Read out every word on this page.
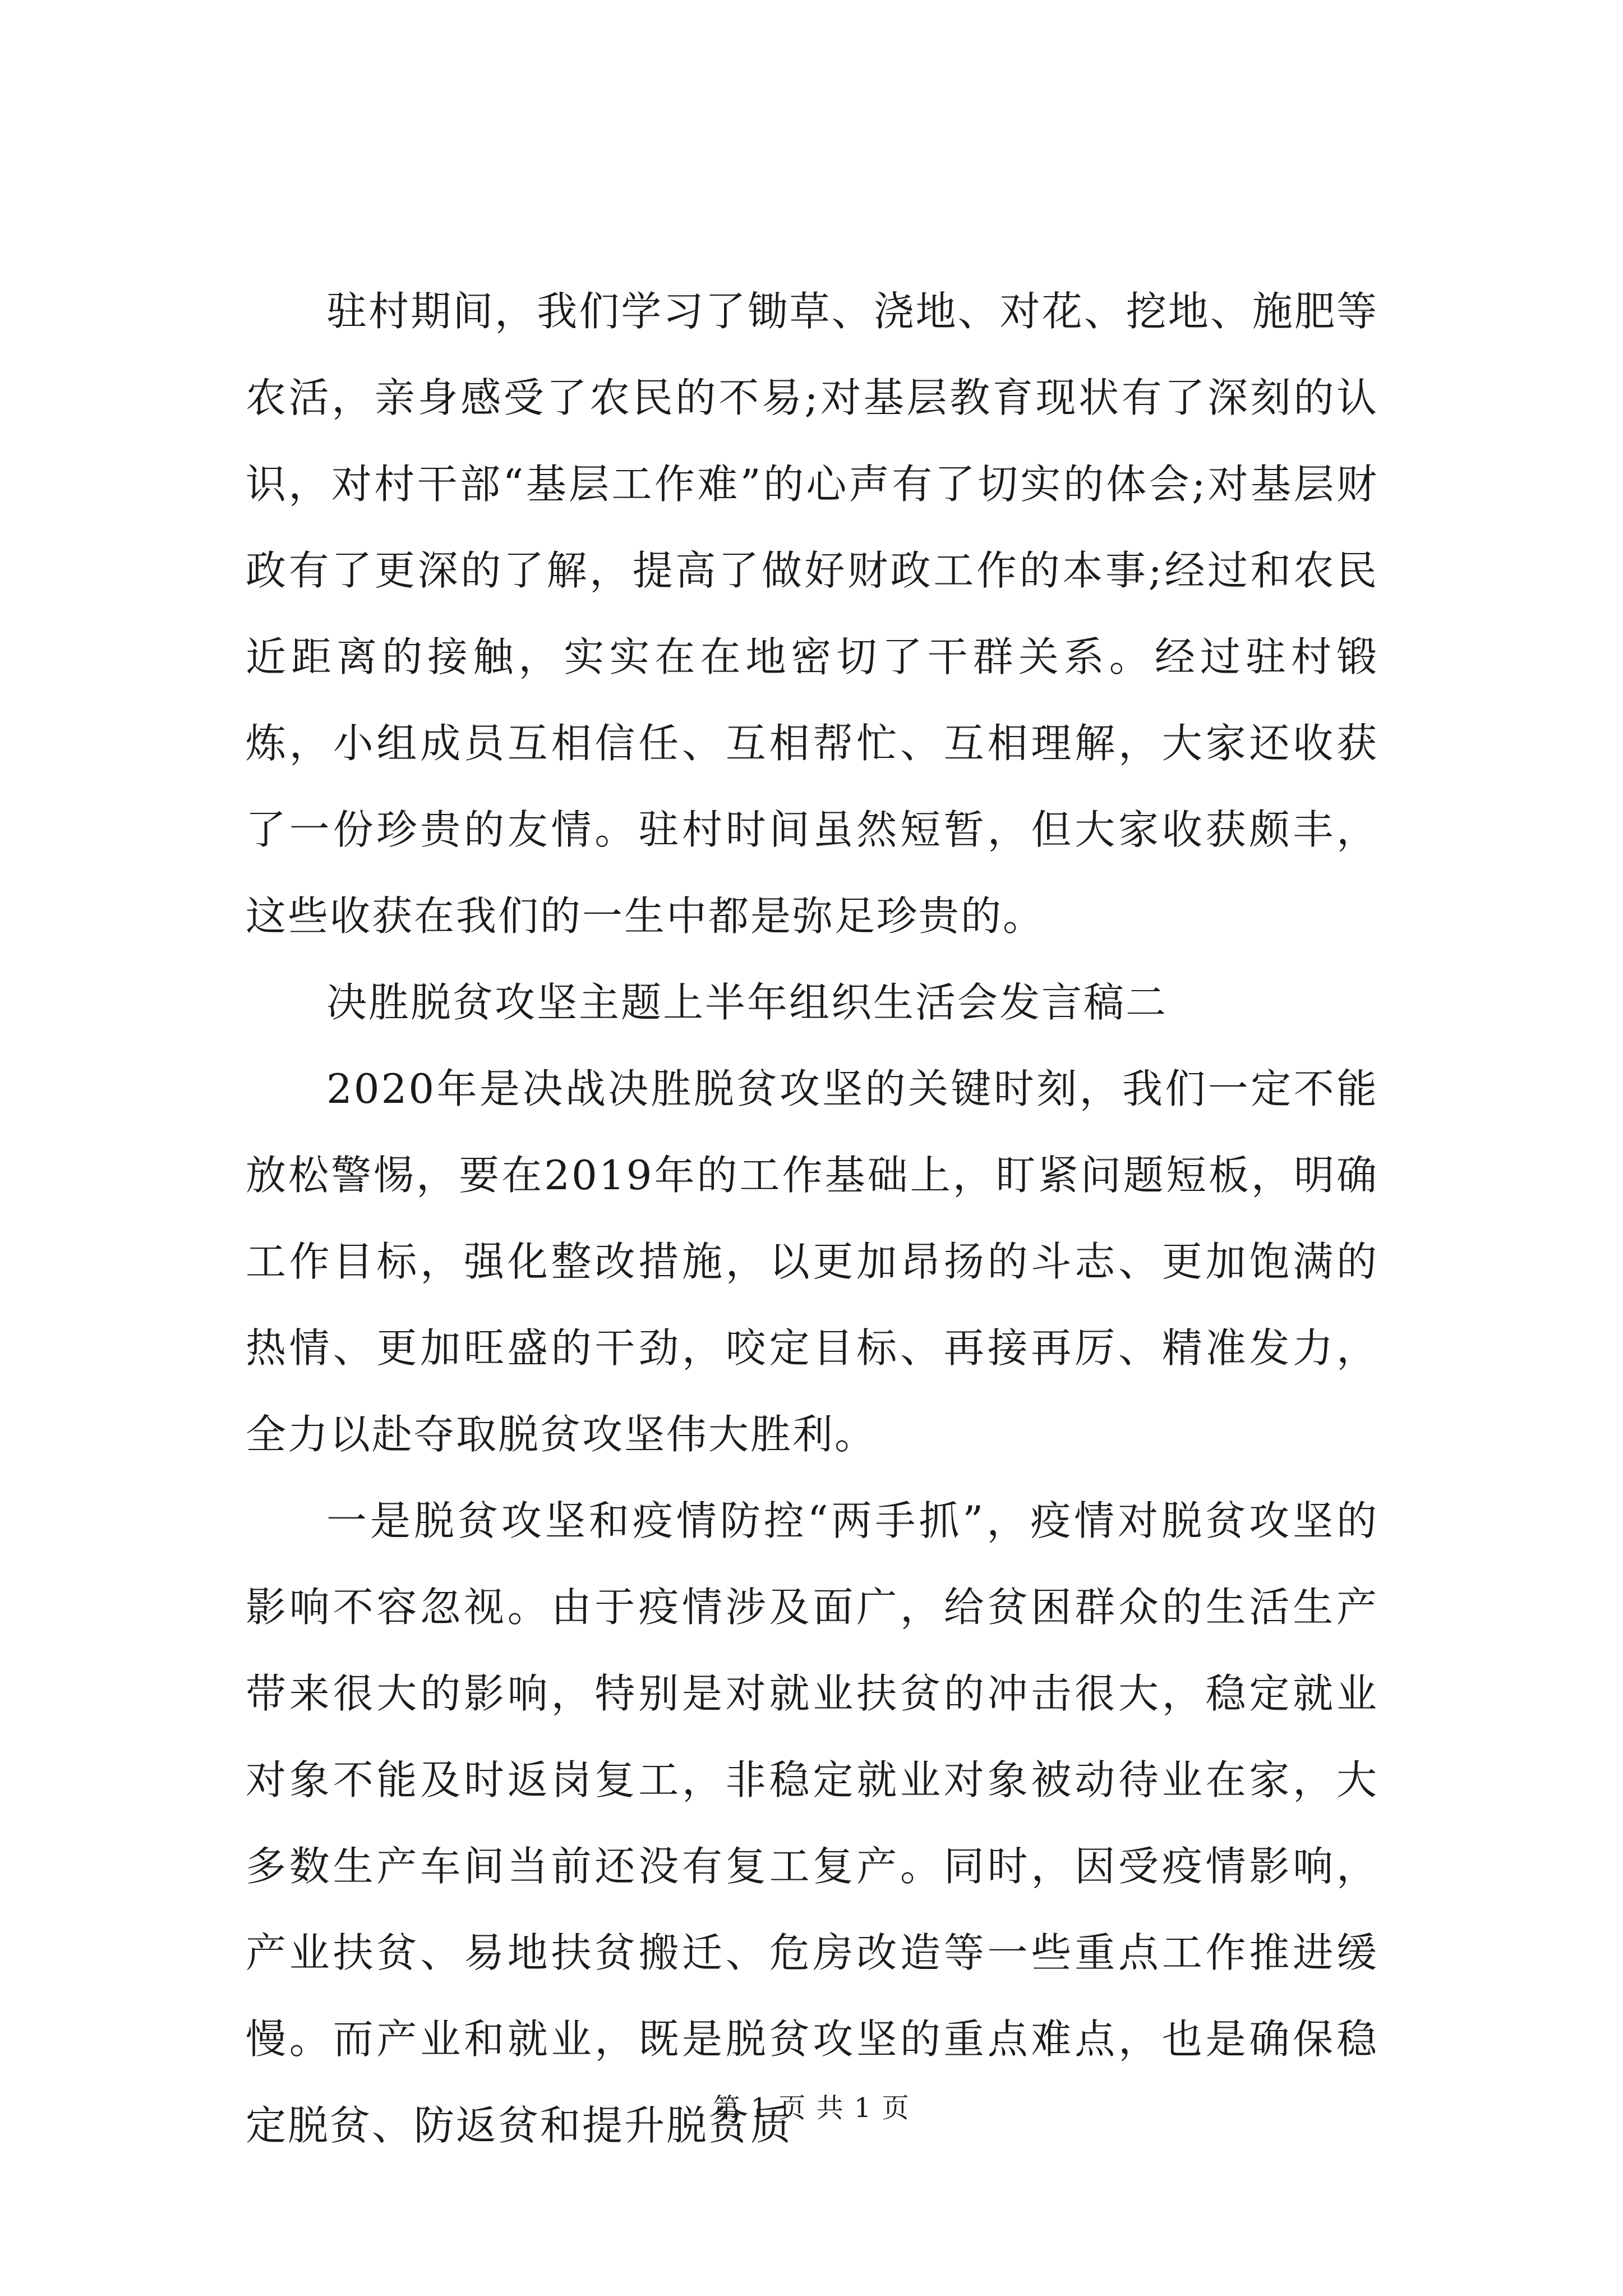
驻村期间，我们学习了锄草、浇地、对花、挖地、施肥等农活，亲身感受了农民的不易;对基层教育现状有了深刻的认识，对村干部“基层工作难”的心声有了切实的体会;对基层财政有了更深的了解，提高了做好财政工作的本事;经过和农民近距离的接触，实实在在地密切了干群关系。经过驻村锻炼，小组成员互相信任、互相帮忙、互相理解，大家还收获了一份珍贵的友情。驻村时间虽然短暂，但大家收获颇丰，这些收获在我们的一生中都是弥足珍贵的。

决胜脱贫攻坚主题上半年组织生活会发言稿二

2020年是决战决胜脱贫攻坚的关键时刻，我们一定不能放松警惕，要在2019年的工作基础上，盯紧问题短板，明确工作目标，强化整改措施，以更加昂扬的斗志、更加饱满的热情、更加旺盛的干劲，咬定目标、再接再厉、精准发力，全力以赴夺取脱贫攻坚伟大胜利。

一是脱贫攻坚和疫情防控“两手抓”，疫情对脱贫攻坚的影响不容忽视。由于疫情涉及面广，给贫困群众的生活生产带来很大的影响，特别是对就业扶贫的冲击很大，稳定就业对象不能及时返岗复工，非稳定就业对象被动待业在家，大多数生产车间当前还没有复工复产。同时，因受疫情影响，产业扶贫、易地扶贫搬迁、危房改造等一些重点工作推进缓慢。而产业和就业，既是脱贫攻坚的重点难点，也是确保稳定脱贫、防返贫和提升脱贫质

第 1 页 共 1 页
